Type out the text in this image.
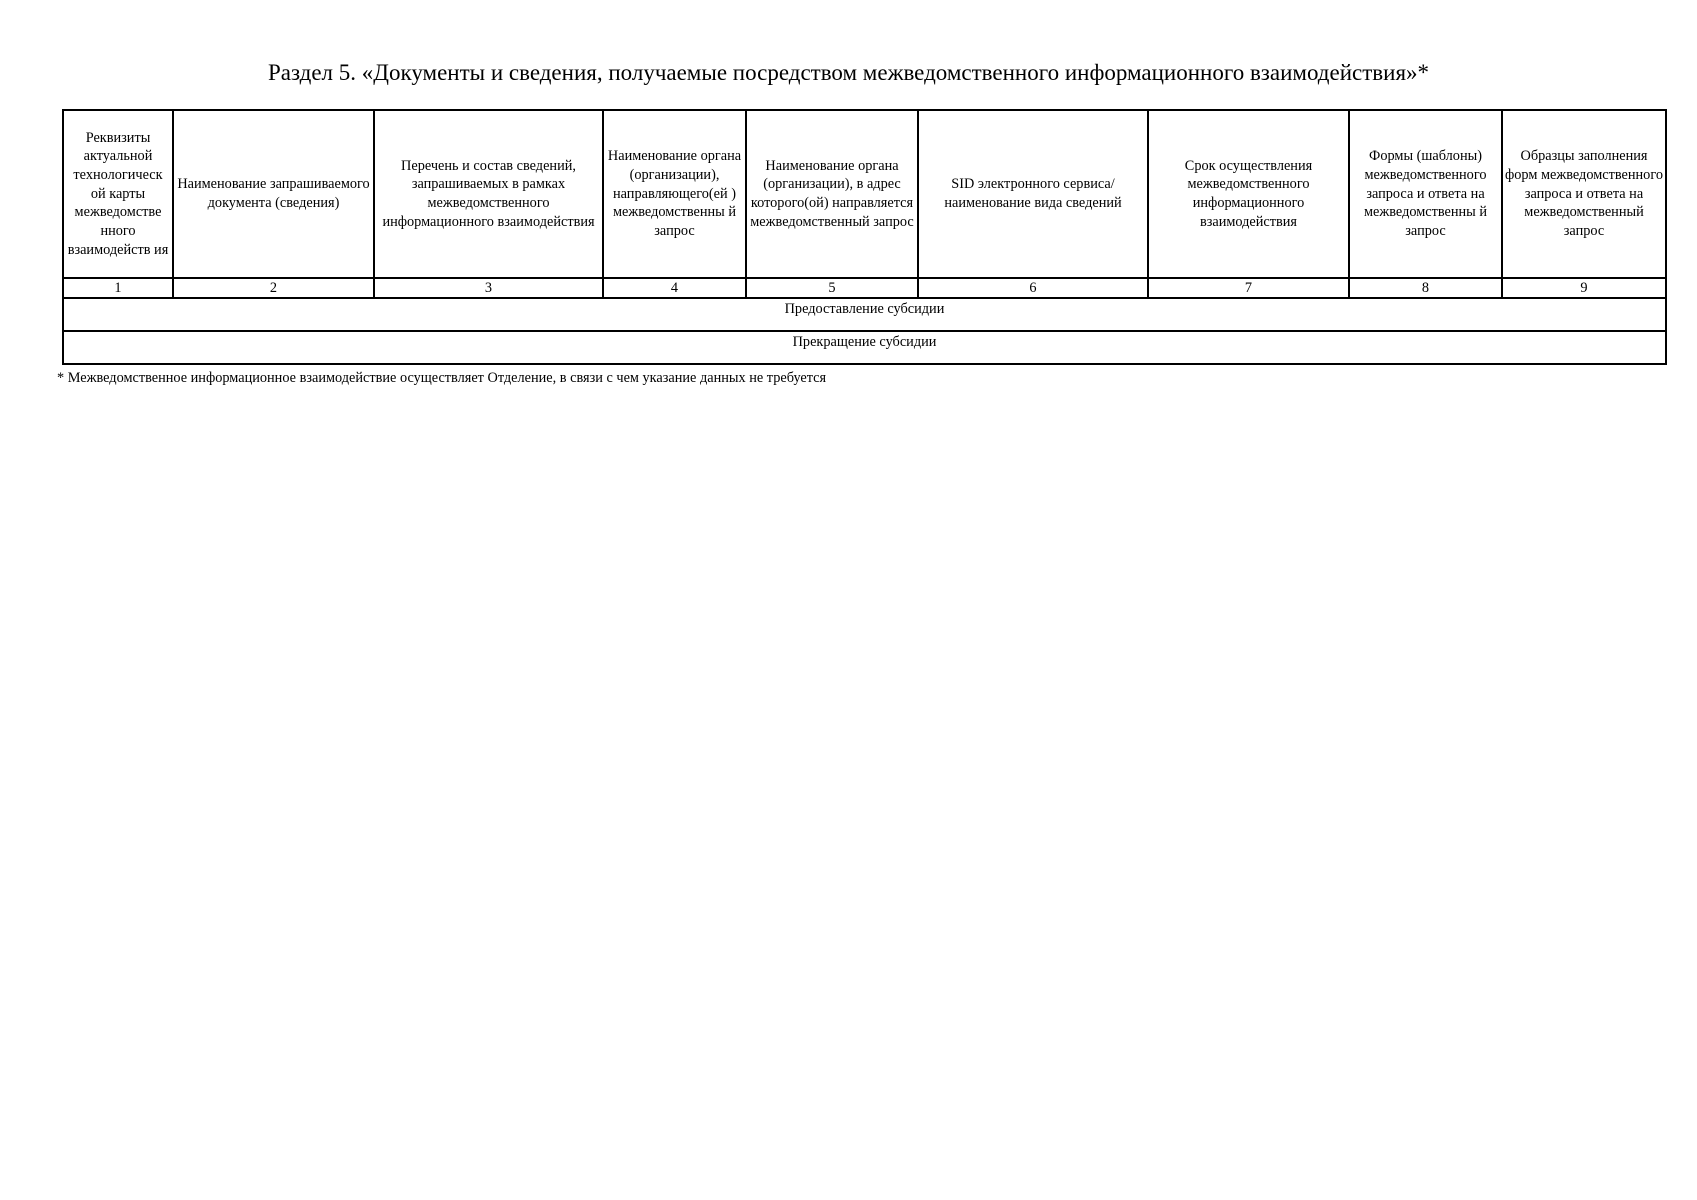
Раздел 5. «Документы и сведения, получаемые посредством межведомственного информационного взаимодействия»*
Реквизиты актуальной технологическ ой карты межведомстве нного взаимодейств ия	Наименование запрашиваемого документа (сведения)	Перечень и состав сведений, запрашиваемых в рамках межведомственного информационного взаимодействия	Наименование органа (организации), направляющего(ей ) межведомственны й запрос	Наименование органа (организации), в адрес которого(ой) направляется межведомственный запрос	SID электронного сервиса/ наименование вида сведений	Срок осуществления межведомственного информационного взаимодействия	Формы (шаблоны) межведомственного запроса и ответа на межведомственны й запрос	Образцы заполнения форм межведомственного запроса и ответа на межведомственный запрос
1	2	3	4	5	6	7	8	9
Предоставление субсидии								
Прекращение субсидии								
* Межведомственное информационное взаимодействие осуществляет Отделение, в связи с чем указание данных не требуется
